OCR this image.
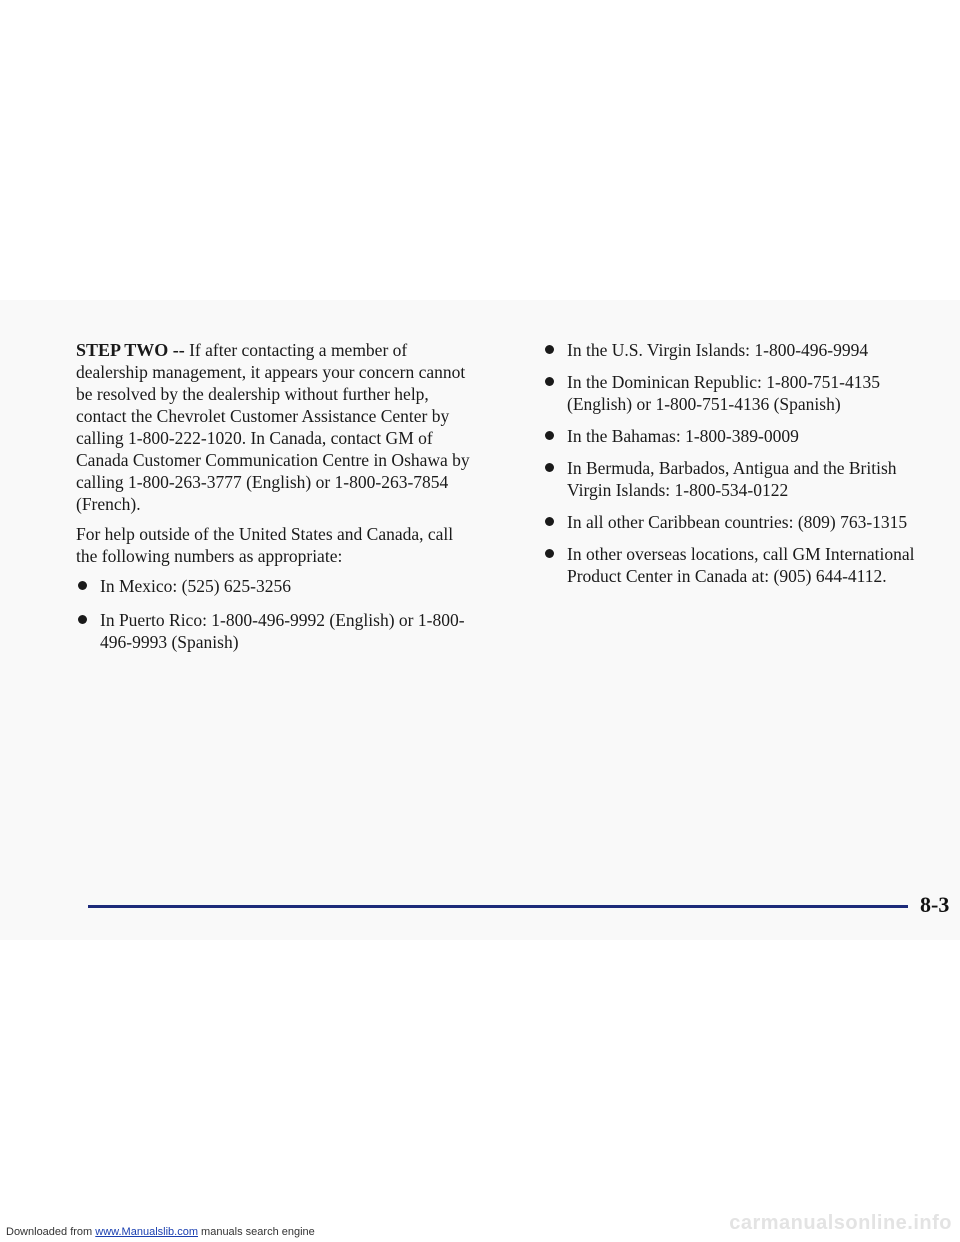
STEP TWO -- If after contacting a member of dealership management, it appears your concern cannot be resolved by the dealership without further help, contact the Chevrolet Customer Assistance Center by calling 1-800-222-1020. In Canada, contact GM of Canada Customer Communication Centre in Oshawa by calling 1-800-263-3777 (English) or 1-800-263-7854 (French).

For help outside of the United States and Canada, call the following numbers as appropriate:

In Mexico: (525) 625-3256
In Puerto Rico: 1-800-496-9992 (English) or 1-800-496-9993 (Spanish)
In the U.S. Virgin Islands: 1-800-496-9994
In the Dominican Republic: 1-800-751-4135 (English) or 1-800-751-4136 (Spanish)
In the Bahamas: 1-800-389-0009
In Bermuda, Barbados, Antigua and the British Virgin Islands: 1-800-534-0122
In all other Caribbean countries: (809) 763-1315
In other overseas locations, call GM International Product Center in Canada at: (905) 644-4112.
8-3
Downloaded from www.Manualslib.com manuals search engine	carmanualsonline.info
